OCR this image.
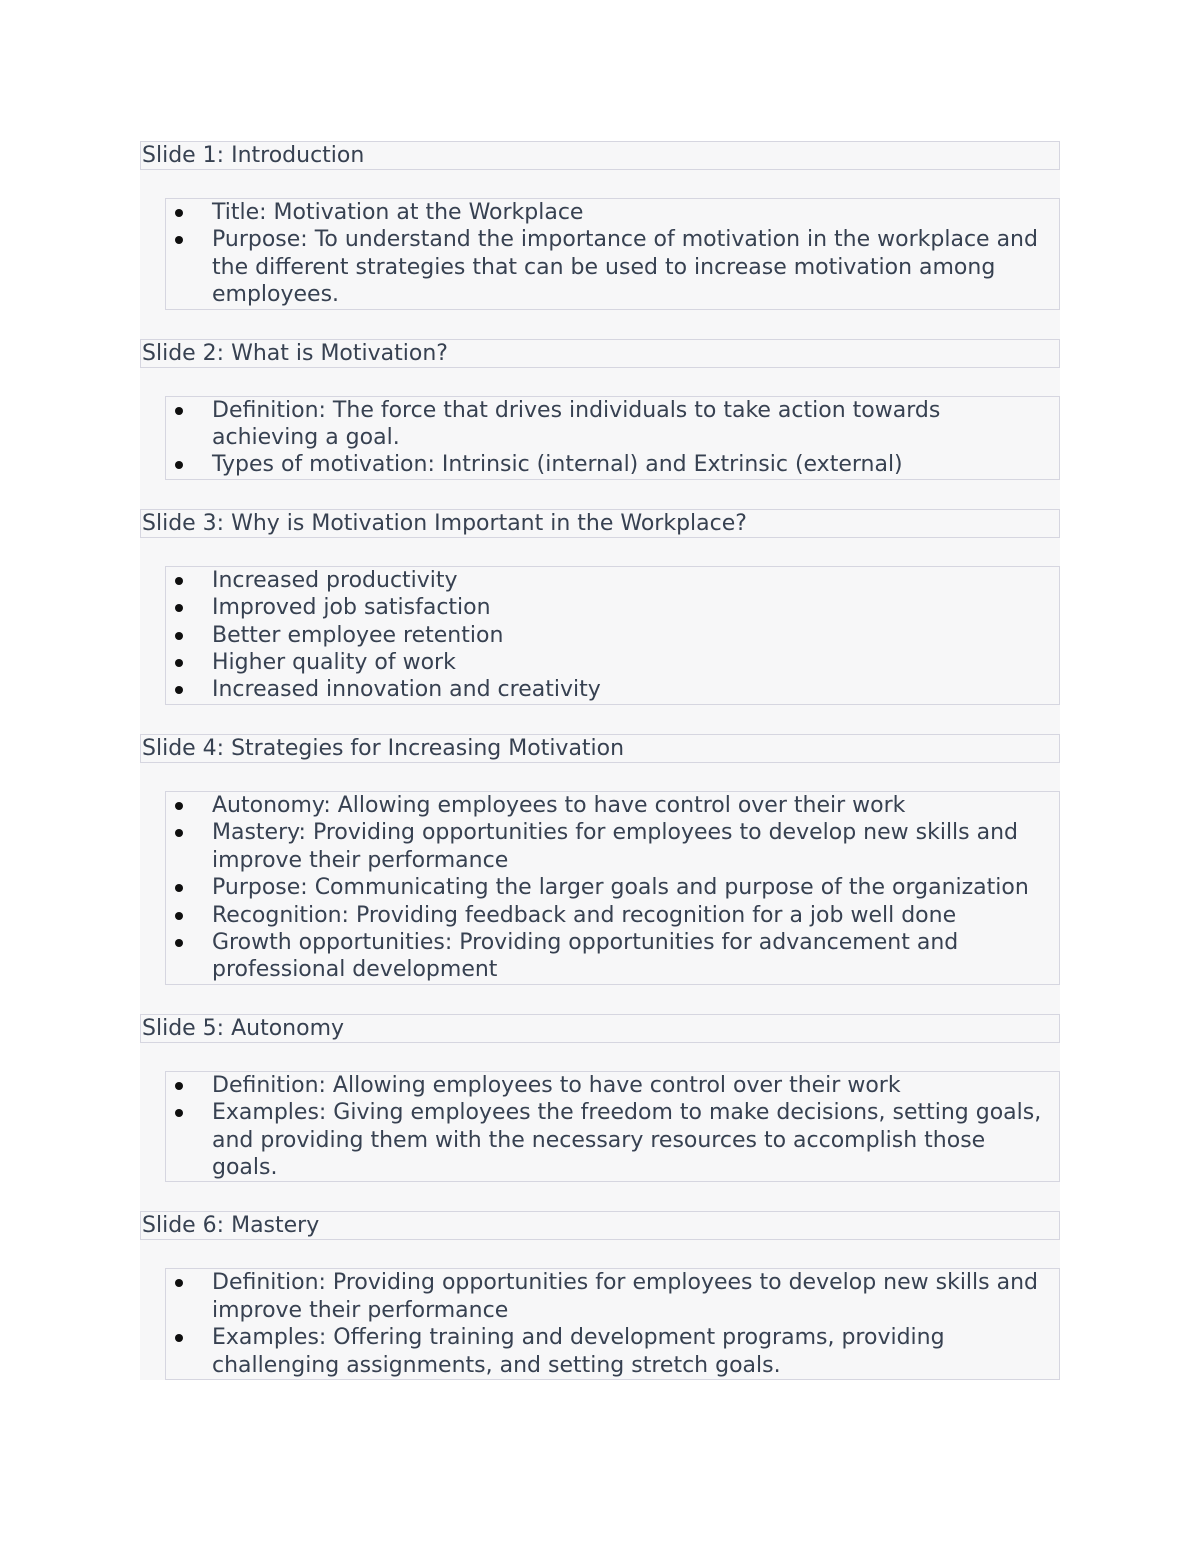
Slide 1: Introduction
Title: Motivation at the Workplace
Purpose: To understand the importance of motivation in the workplace and the different strategies that can be used to increase motivation among employees.
Slide 2: What is Motivation?
Definition: The force that drives individuals to take action towards achieving a goal.
Types of motivation: Intrinsic (internal) and Extrinsic (external)
Slide 3: Why is Motivation Important in the Workplace?
Increased productivity
Improved job satisfaction
Better employee retention
Higher quality of work
Increased innovation and creativity
Slide 4: Strategies for Increasing Motivation
Autonomy: Allowing employees to have control over their work
Mastery: Providing opportunities for employees to develop new skills and improve their performance
Purpose: Communicating the larger goals and purpose of the organization
Recognition: Providing feedback and recognition for a job well done
Growth opportunities: Providing opportunities for advancement and professional development
Slide 5: Autonomy
Definition: Allowing employees to have control over their work
Examples: Giving employees the freedom to make decisions, setting goals, and providing them with the necessary resources to accomplish those goals.
Slide 6: Mastery
Definition: Providing opportunities for employees to develop new skills and improve their performance
Examples: Offering training and development programs, providing challenging assignments, and setting stretch goals.
